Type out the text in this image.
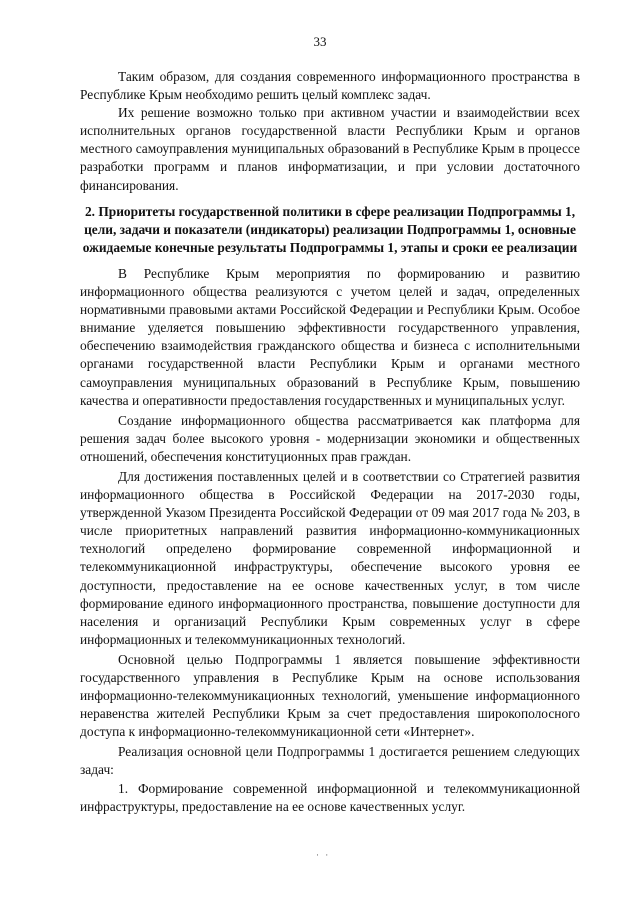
33

Таким образом, для создания современного информационного пространства в Республике Крым необходимо решить целый комплекс задач.

Их решение возможно только при активном участии и взаимодействии всех исполнительных органов государственной власти Республики Крым и органов местного самоуправления муниципальных образований в Республике Крым в процессе разработки программ и планов информатизации, и при условии достаточного финансирования.

2. Приоритеты государственной политики в сфере реализации Подпрограммы 1, цели, задачи и показатели (индикаторы) реализации Подпрограммы 1, основные ожидаемые конечные результаты Подпрограммы 1, этапы и сроки ее реализации

В Республике Крым мероприятия по формированию и развитию информационного общества реализуются с учетом целей и задач, определенных нормативными правовыми актами Российской Федерации и Республики Крым. Особое внимание уделяется повышению эффективности государственного управления, обеспечению взаимодействия гражданского общества и бизнеса с исполнительными органами государственной власти Республики Крым и органами местного самоуправления муниципальных образований в Республике Крым, повышению качества и оперативности предоставления государственных и муниципальных услуг.

Создание информационного общества рассматривается как платформа для решения задач более высокого уровня - модернизации экономики и общественных отношений, обеспечения конституционных прав граждан.

Для достижения поставленных целей и в соответствии со Стратегией развития информационного общества в Российской Федерации на 2017-2030 годы, утвержденной Указом Президента Российской Федерации от 09 мая 2017 года № 203, в числе приоритетных направлений развития информационно-коммуникационных технологий определено формирование современной информационной и телекоммуникационной инфраструктуры, обеспечение высокого уровня ее доступности, предоставление на ее основе качественных услуг, в том числе формирование единого информационного пространства, повышение доступности для населения и организаций Республики Крым современных услуг в сфере информационных и телекоммуникационных технологий.

Основной целью Подпрограммы 1 является повышение эффективности государственного управления в Республике Крым на основе использования информационно-телекоммуникационных технологий, уменьшение информационного неравенства жителей Республики Крым за счет предоставления широкополосного доступа к информационно-телекоммуникационной сети «Интернет».

Реализация основной цели Подпрограммы 1 достигается решением следующих задач:

1. Формирование современной информационной и телекоммуникационной инфраструктуры, предоставление на ее основе качественных услуг.

· ·
